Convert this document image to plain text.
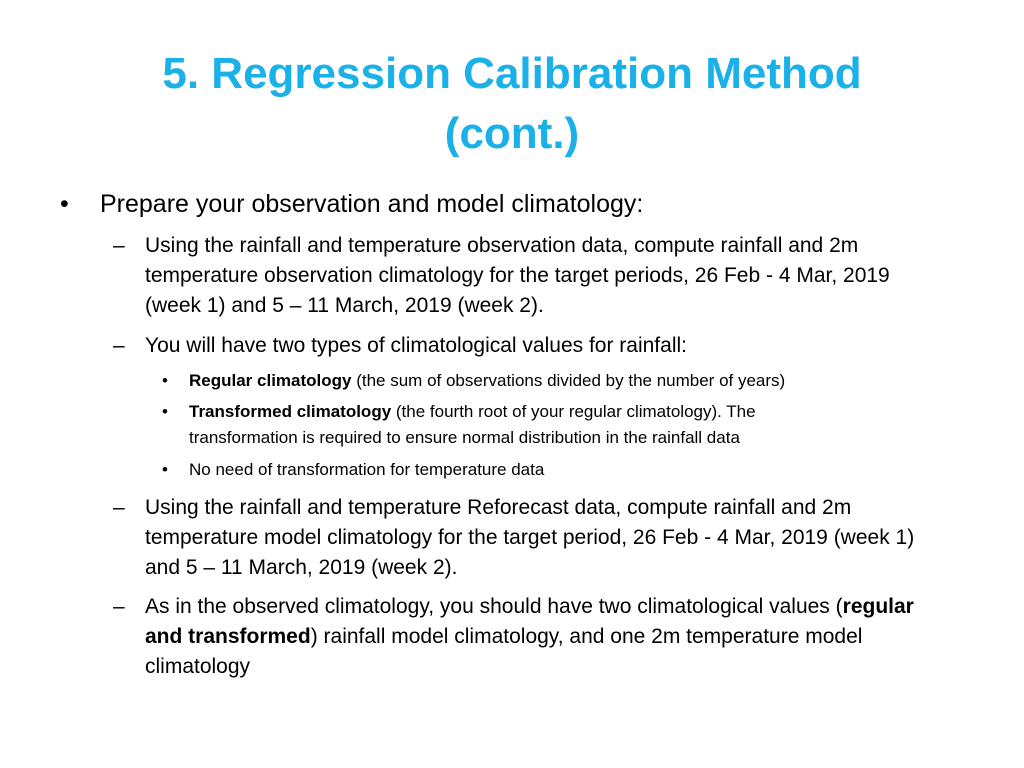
5. Regression Calibration Method
(cont.)
• Prepare your observation and model climatology:
– Using the rainfall and temperature observation data, compute rainfall and 2m temperature observation climatology for the target periods, 26 Feb - 4 Mar, 2019 (week 1) and 5 – 11 March, 2019 (week 2).
– You will have two types of climatological values for rainfall:
• Regular climatology (the sum of observations divided by the number of years)
• Transformed climatology (the fourth root of your regular climatology). The transformation is required to ensure normal distribution in the rainfall data
• No need of transformation for temperature data
– Using the rainfall and temperature Reforecast data, compute rainfall and 2m temperature model climatology for the target period, 26 Feb - 4 Mar, 2019 (week 1) and 5 – 11 March, 2019 (week 2).
– As in the observed climatology, you should have two climatological values (regular and transformed) rainfall model climatology, and one 2m temperature model climatology
